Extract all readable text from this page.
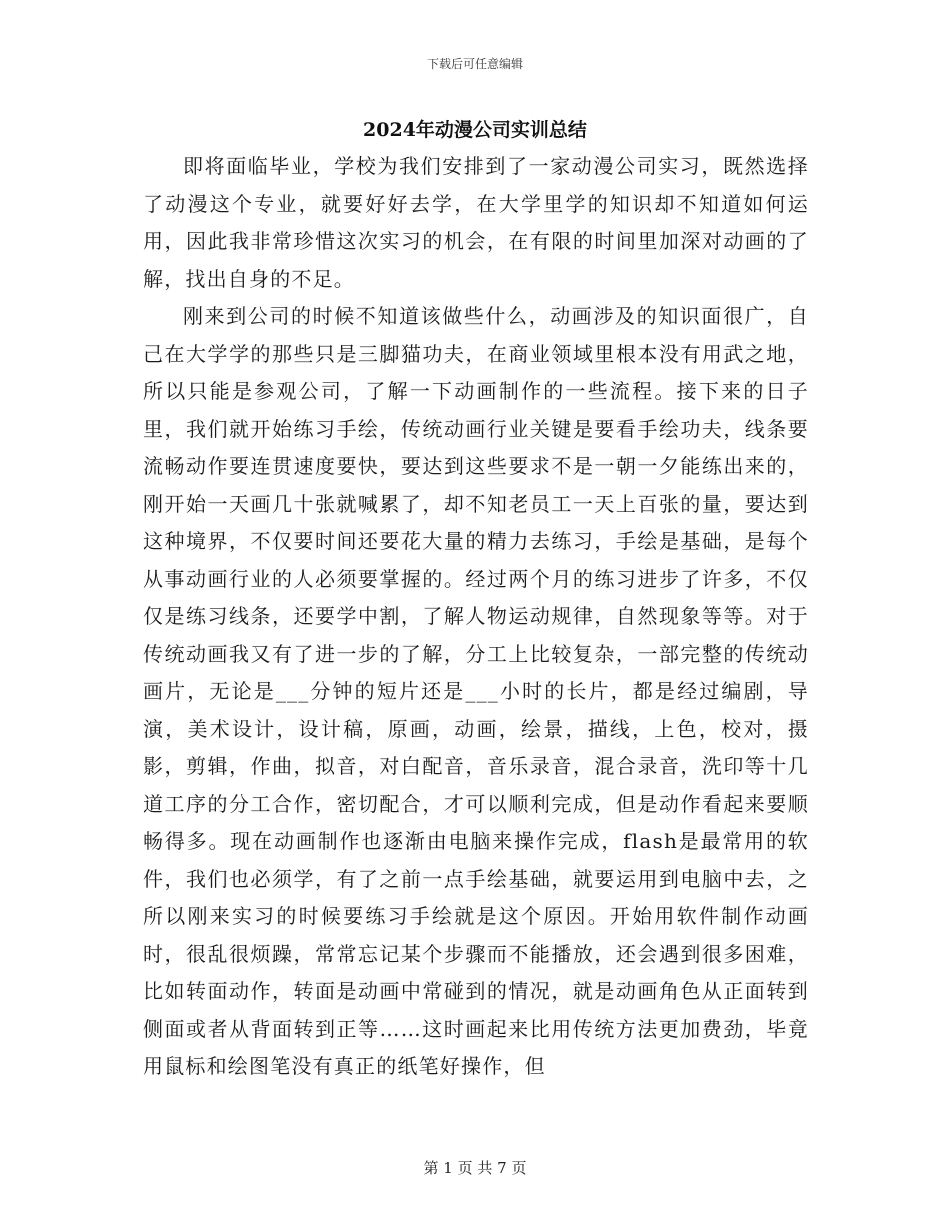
下载后可任意编辑
2024年动漫公司实训总结

即将面临毕业，学校为我们安排到了一家动漫公司实习，既然选择了动漫这个专业，就要好好去学，在大学里学的知识却不知道如何运用，因此我非常珍惜这次实习的机会，在有限的时间里加深对动画的了解，找出自身的不足。

刚来到公司的时候不知道该做些什么，动画涉及的知识面很广，自己在大学学的那些只是三脚猫功夫，在商业领域里根本没有用武之地，所以只能是参观公司，了解一下动画制作的一些流程。接下来的日子里，我们就开始练习手绘，传统动画行业关键是要看手绘功夫，线条要流畅动作要连贯速度要快，要达到这些要求不是一朝一夕能练出来的，刚开始一天画几十张就喊累了，却不知老员工一天上百张的量，要达到这种境界，不仅要时间还要花大量的精力去练习，手绘是基础，是每个从事动画行业的人必须要掌握的。经过两个月的练习进步了许多，不仅仅是练习线条，还要学中割，了解人物运动规律，自然现象等等。对于传统动画我又有了进一步的了解，分工上比较复杂，一部完整的传统动画片，无论是___分钟的短片还是___小时的长片，都是经过编剧，导演，美术设计，设计稿，原画，动画，绘景，描线，上色，校对，摄影，剪辑，作曲，拟音，对白配音，音乐录音，混合录音，洗印等十几道工序的分工合作，密切配合，才可以顺利完成，但是动作看起来要顺畅得多。现在动画制作也逐渐由电脑来操作完成，flash是最常用的软件，我们也必须学，有了之前一点手绘基础，就要运用到电脑中去，之所以刚来实习的时候要练习手绘就是这个原因。开始用软件制作动画时，很乱很烦躁，常常忘记某个步骤而不能播放，还会遇到很多困难，比如转面动作，转面是动画中常碰到的情况，就是动画角色从正面转到侧面或者从背面转到正等……这时画起来比用传统方法更加费劲，毕竟用鼠标和绘图笔没有真正的纸笔好操作，但

第 1 页 共 7 页
